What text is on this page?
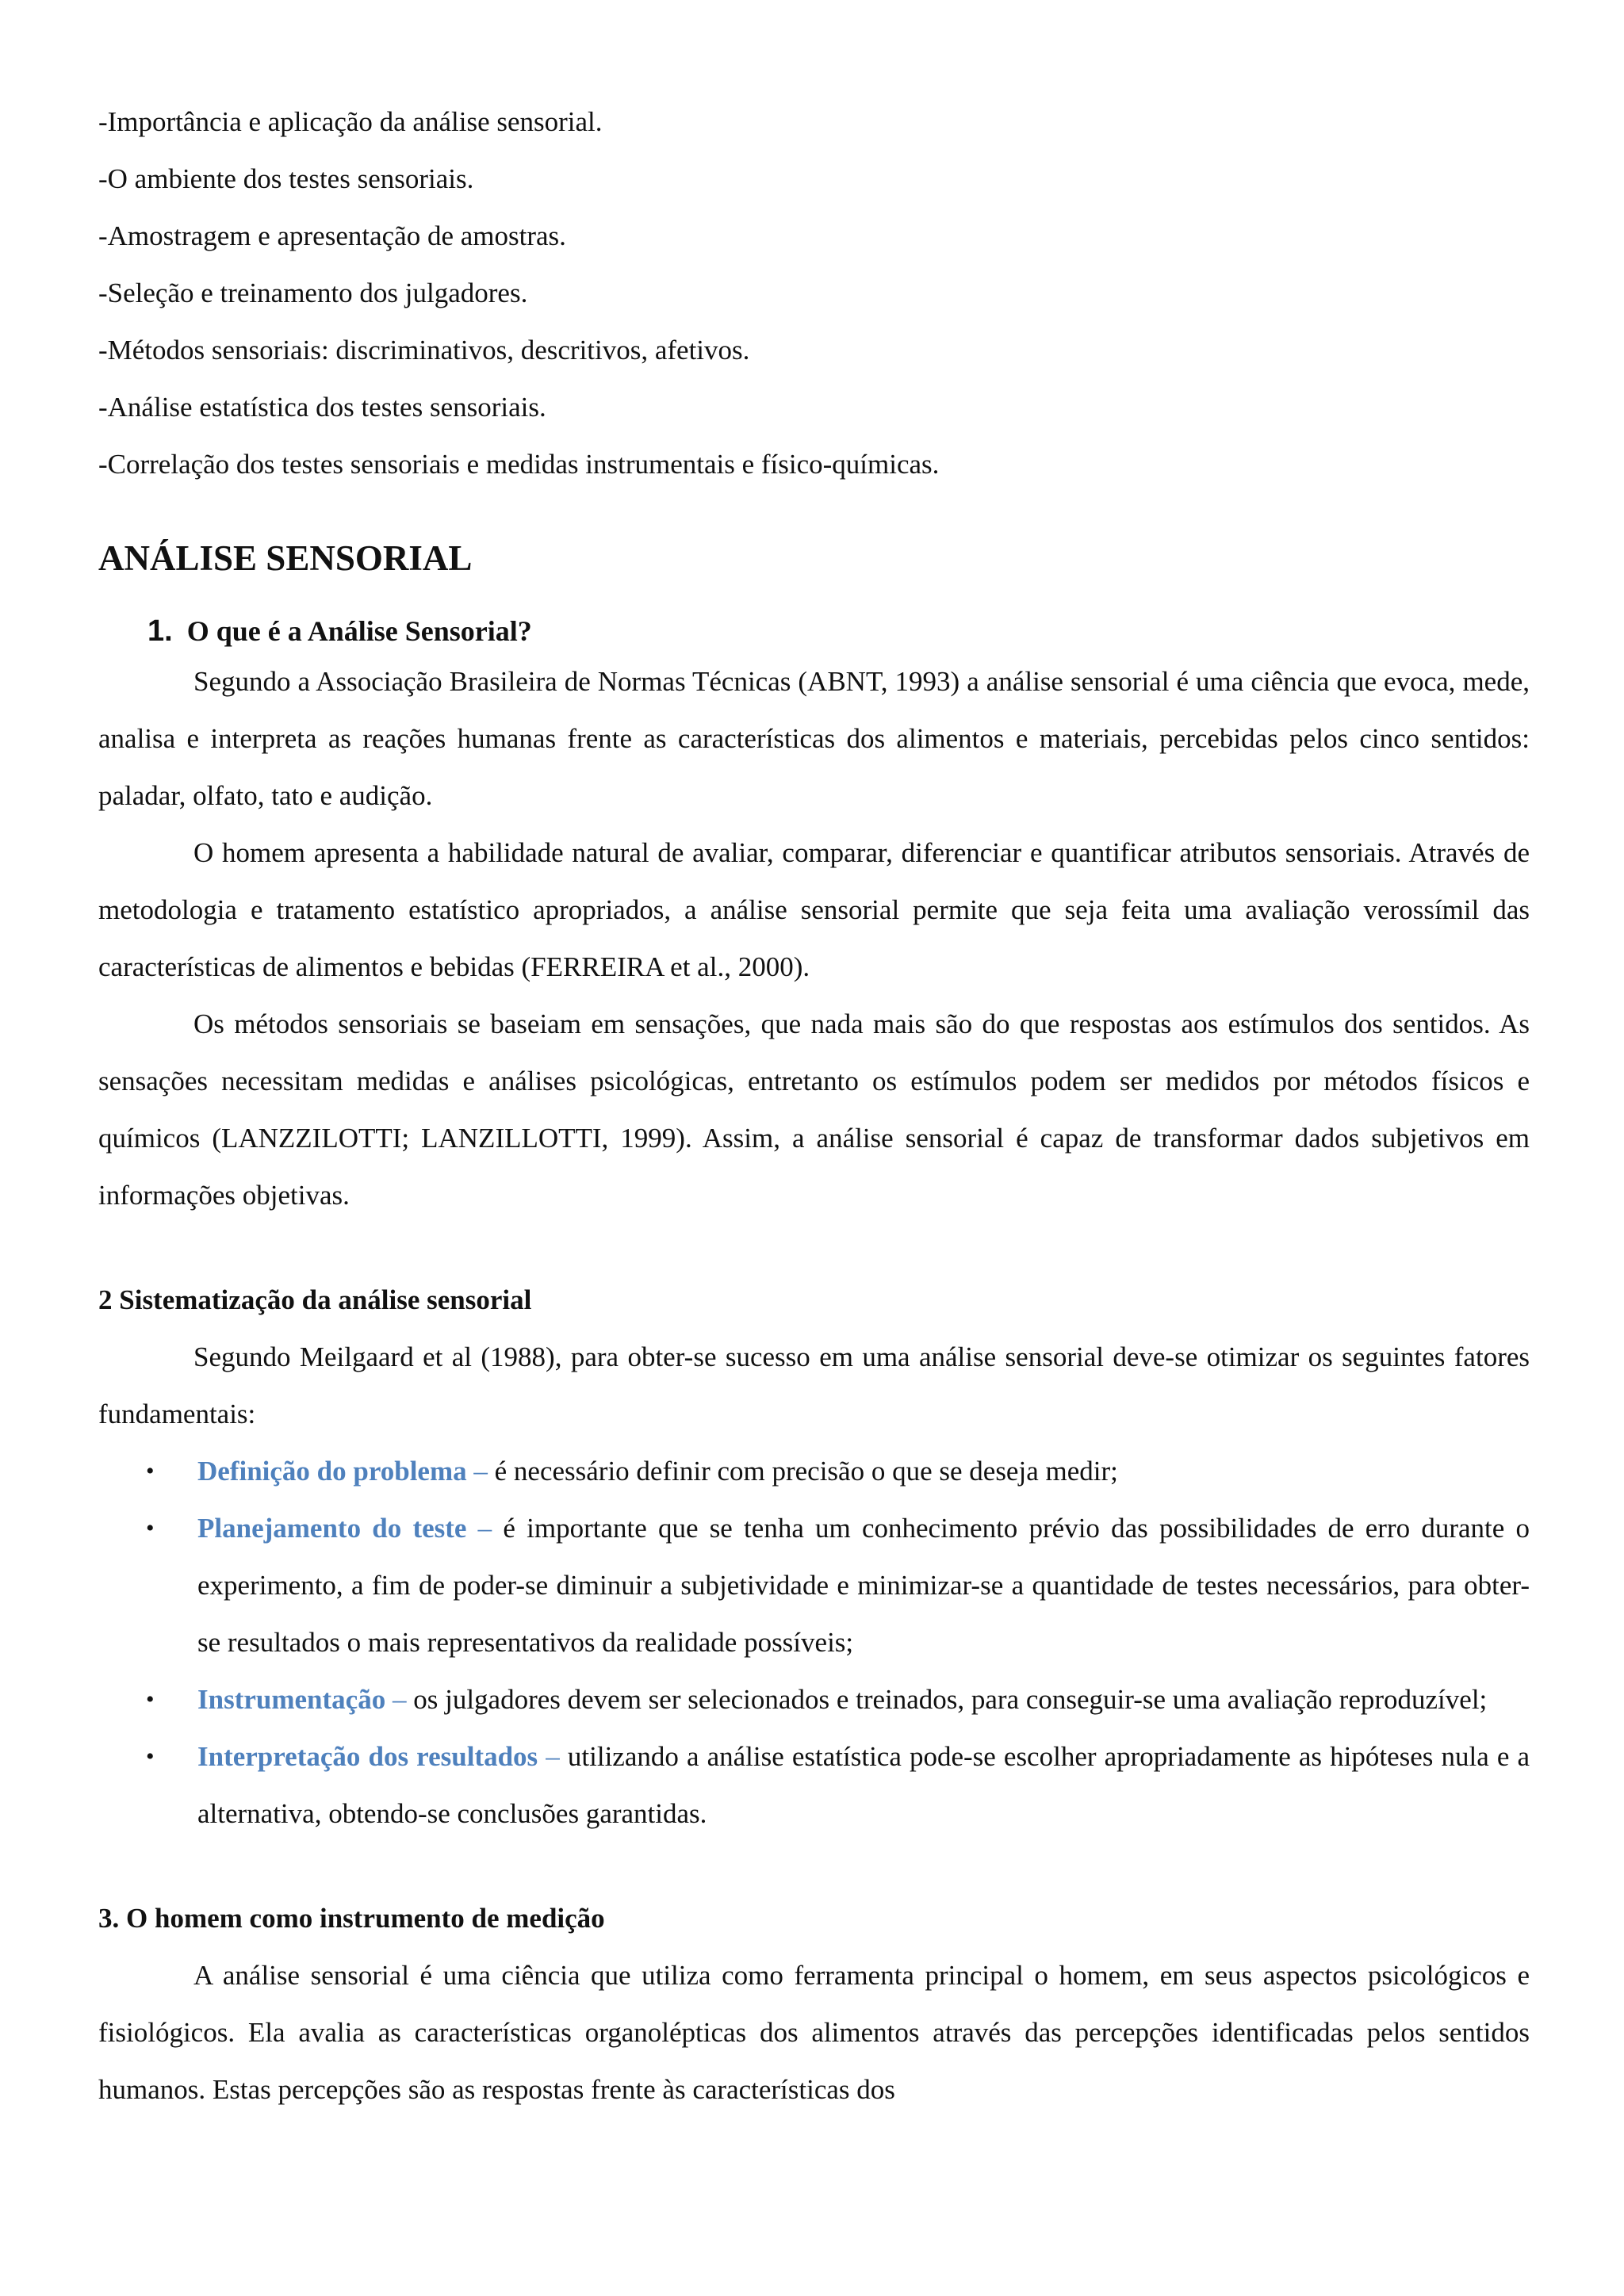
-Importância e aplicação da análise sensorial.

-O ambiente dos testes sensoriais.

-Amostragem e apresentação de amostras.

-Seleção e treinamento dos julgadores.

-Métodos sensoriais: discriminativos, descritivos, afetivos.

-Análise estatística dos testes sensoriais.

-Correlação dos testes sensoriais e medidas instrumentais e físico-químicas.

ANÁLISE SENSORIAL
1. O que é a Análise Sensorial?

Segundo a Associação Brasileira de Normas Técnicas (ABNT, 1993) a análise sensorial é uma ciência que evoca, mede, analisa e interpreta as reações humanas frente as características dos alimentos e materiais, percebidas pelos cinco sentidos: paladar, olfato, tato e audição.

O homem apresenta a habilidade natural de avaliar, comparar, diferenciar e quantificar atributos sensoriais. Através de metodologia e tratamento estatístico apropriados, a análise sensorial permite que seja feita uma avaliação verossímil das características de alimentos e bebidas (FERREIRA et al., 2000).

Os métodos sensoriais se baseiam em sensações, que nada mais são do que respostas aos estímulos dos sentidos. As sensações necessitam medidas e análises psicológicas, entretanto os estímulos podem ser medidos por métodos físicos e químicos (LANZZILOTTI; LANZILLOTTI, 1999). Assim, a análise sensorial é capaz de transformar dados subjetivos em informações objetivas.

2 Sistematização da análise sensorial

Segundo Meilgaard et al (1988), para obter-se sucesso em uma análise sensorial deve-se otimizar os seguintes fatores fundamentais:

• Definição do problema – é necessário definir com precisão o que se deseja medir;
• Planejamento do teste – é importante que se tenha um conhecimento prévio das possibilidades de erro durante o experimento, a fim de poder-se diminuir a subjetividade e minimizar-se a quantidade de testes necessários, para obter-se resultados o mais representativos da realidade possíveis;
• Instrumentação – os julgadores devem ser selecionados e treinados, para conseguir-se uma avaliação reproduzível;
• Interpretação dos resultados – utilizando a análise estatística pode-se escolher apropriadamente as hipóteses nula e a alternativa, obtendo-se conclusões garantidas.
3. O homem como instrumento de medição

A análise sensorial é uma ciência que utiliza como ferramenta principal o homem, em seus aspectos psicológicos e fisiológicos. Ela avalia as características organolépticas dos alimentos através das percepções identificadas pelos sentidos humanos. Estas percepções são as respostas frente às características dos
